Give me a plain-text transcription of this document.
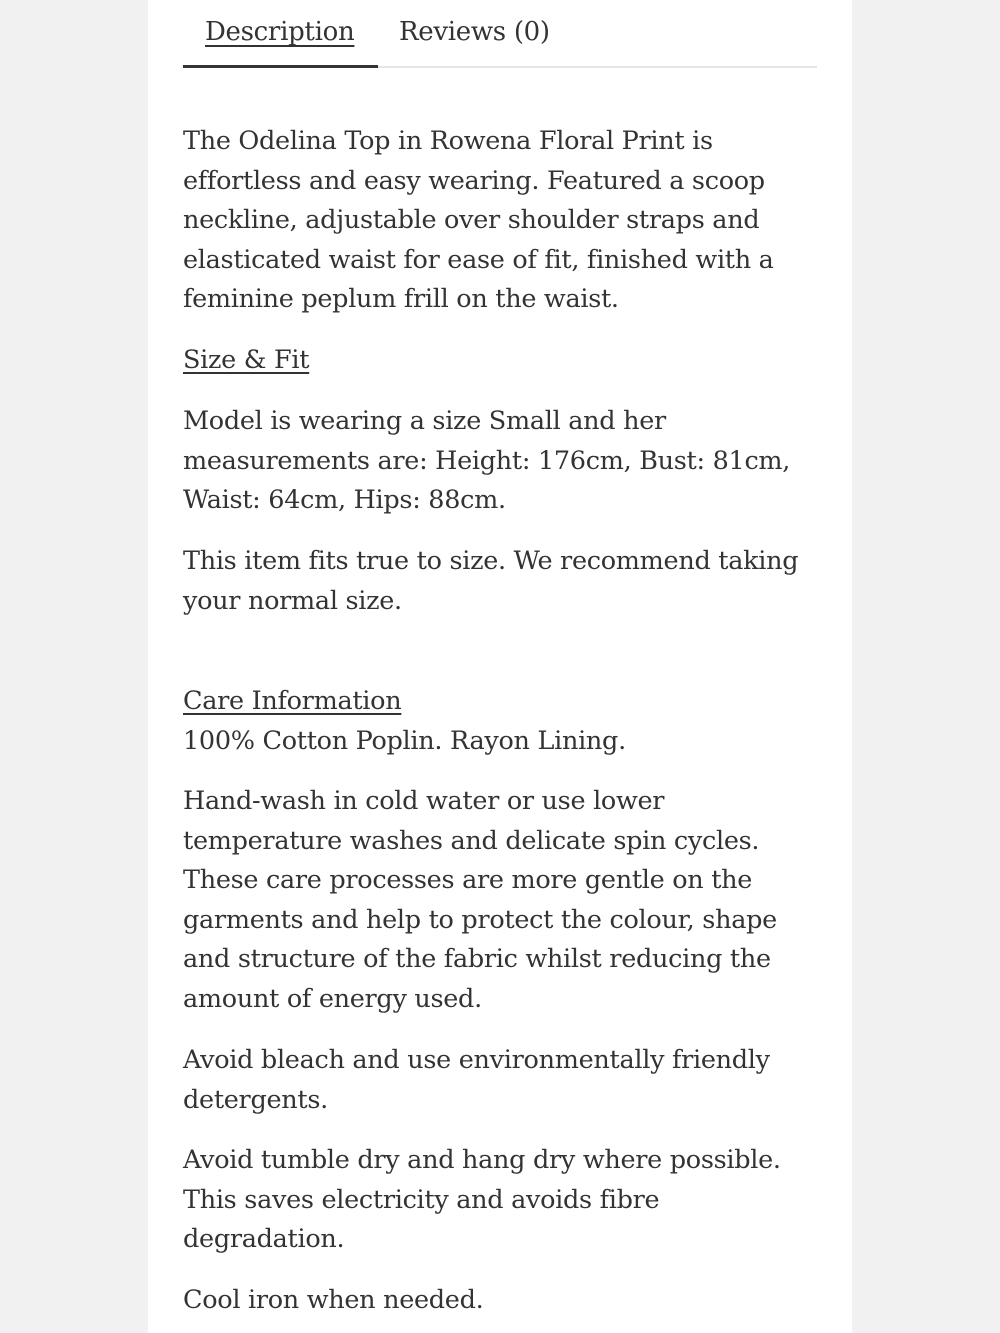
Description Reviews (0)

The Odelina Top in Rowena Floral Print is effortless and easy wearing. Featured a scoop neckline, adjustable over shoulder straps and elasticated waist for ease of fit, finished with a feminine peplum frill on the waist.

Size & Fit

Model is wearing a size Small and her measurements are: Height: 176cm, Bust: 81cm, Waist: 64cm, Hips: 88cm.

This item fits true to size. We recommend taking your normal size.

Care Information

100% Cotton Poplin. Rayon Lining.

Hand-wash in cold water or use lower temperature washes and delicate spin cycles. These care processes are more gentle on the garments and help to protect the colour, shape and structure of the fabric whilst reducing the amount of energy used.

Avoid bleach and use environmentally friendly detergents.

Avoid tumble dry and hang dry where possible. This saves electricity and avoids fibre degradation.

Cool iron when needed.
